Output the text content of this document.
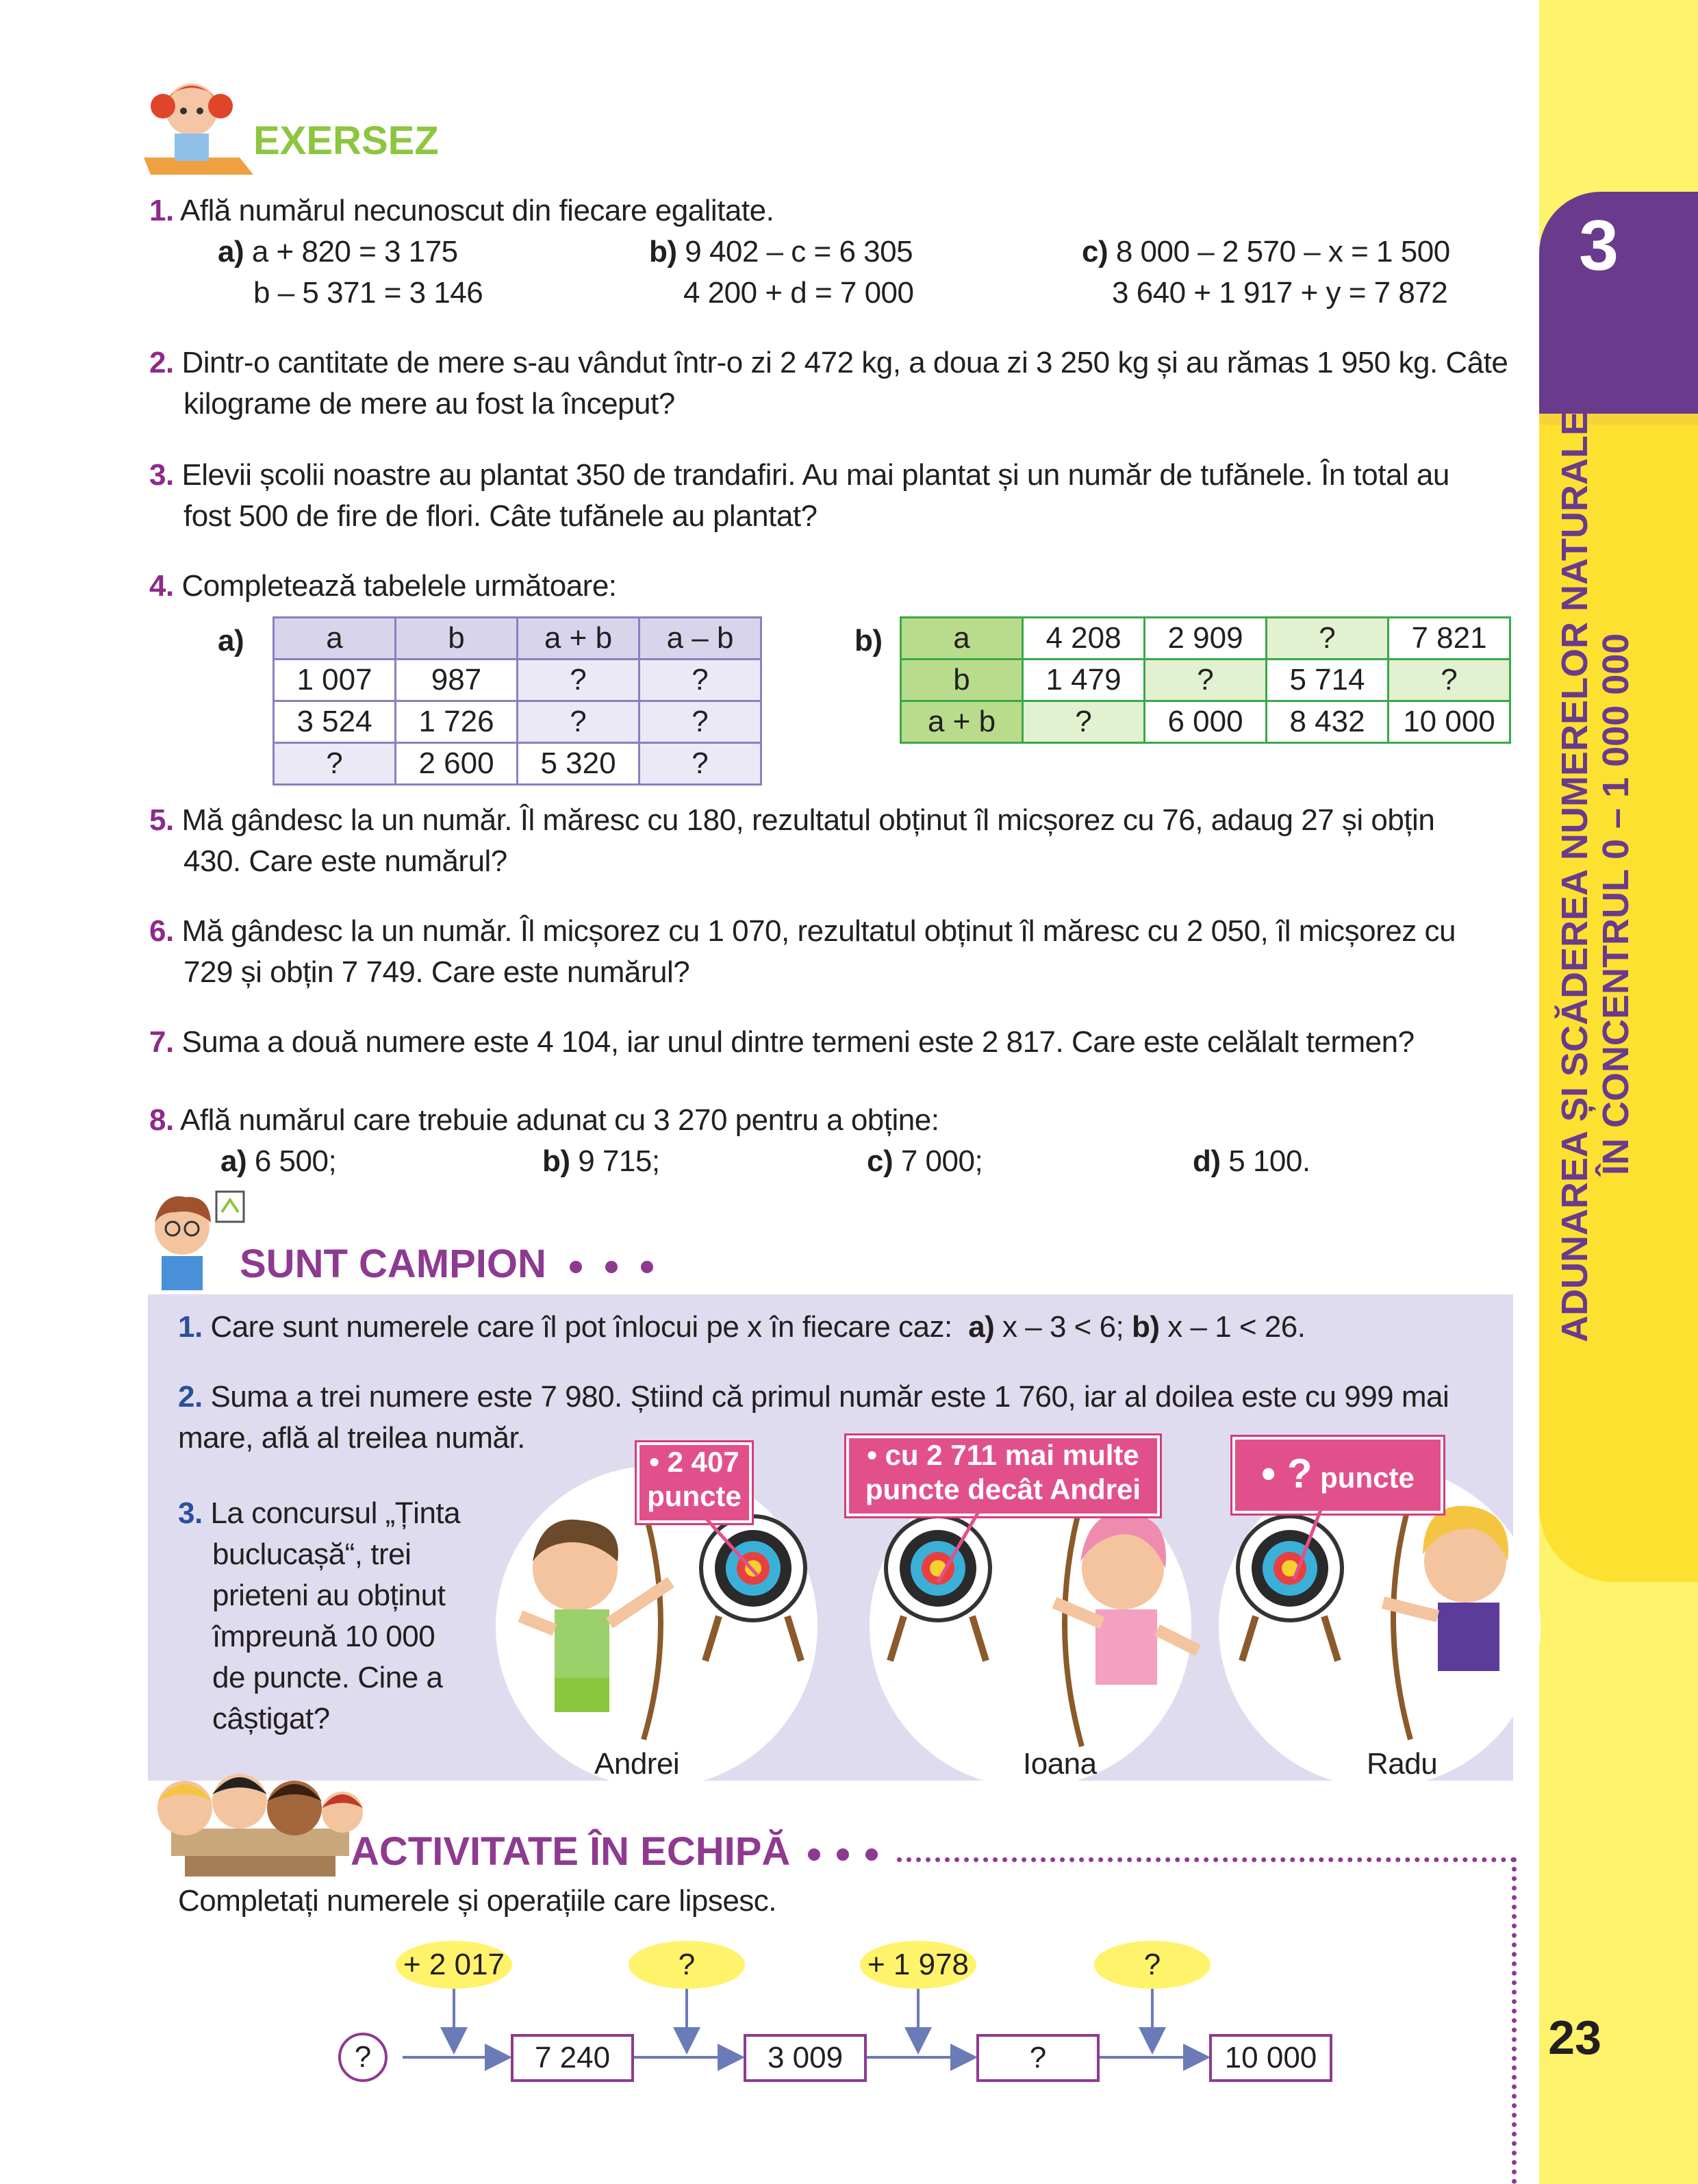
3
ADUNAREA ȘI SCĂDEREA NUMERELOR NATURALE
ÎN CONCENTRUL 0 – 1 000 000
23
EXERSEZ
1. Află numărul necunoscut din fiecare egalitate.
a) a + 820 = 3 175
b – 5 371 = 3 146
b) 9 402 – c = 6 305
4 200 + d = 7 000
c) 8 000 – 2 570 – x = 1 500
3 640 + 1 917 + y = 7 872
2. Dintr-o cantitate de mere s-au vândut într-o zi 2 472 kg, a doua zi 3 250 kg și au rămas 1 950 kg. Câte
kilograme de mere au fost la început?
3. Elevii școlii noastre au plantat 350 de trandafiri. Au mai plantat și un număr de tufănele. În total au
fost 500 de fire de flori. Câte tufănele au plantat?
4. Completează tabelele următoare:
a)	a	b	a + b	a – b
1 007	987	?	?
3 524	1 726	?	?
?	2 600	5 320	?
b) a	4 208	2 909	?	7 821
b	1 479	?	5 714	?
a + b	?	6 000	8 432	10 000
5. Mă gândesc la un număr. Îl măresc cu 180, rezultatul obținut îl micșorez cu 76, adaug 27 și obțin
430. Care este numărul?
6. Mă gândesc la un număr. Îl micșorez cu 1 070, rezultatul obținut îl măresc cu 2 050, îl micșorez cu
729 și obțin 7 749. Care este numărul?
7. Suma a două numere este 4 104, iar unul dintre termeni este 2 817. Care este celălalt termen?
8. Află numărul care trebuie adunat cu 3 270 pentru a obține:
a) 6 500;	b) 9 715;	c) 7 000;	d) 5 100.
SUNT CAMPION
1. Care sunt numerele care îl pot înlocui pe x în fiecare caz: a) x – 3 < 6; b) x – 1 < 26.
2. Suma a trei numere este 7 980. Știind că primul număr este 1 760, iar al doilea este cu 999 mai
mare, află al treilea număr.
3. La concursul „Ținta
buclucașă“, trei
prieteni au obținut
împreună 10 000
de puncte. Cine a
câștigat?
• 2 407
puncte
• cu 2 711 mai multe
puncte decât Andrei	• ? puncte
Andrei	Ioana	Radu
ACTIVITATE ÎN ECHIPĂ
Completați numerele și operațiile care lipsesc.
+ 2 017	?	+ 1 978	?
?	7 240	3 009	?	10 000
